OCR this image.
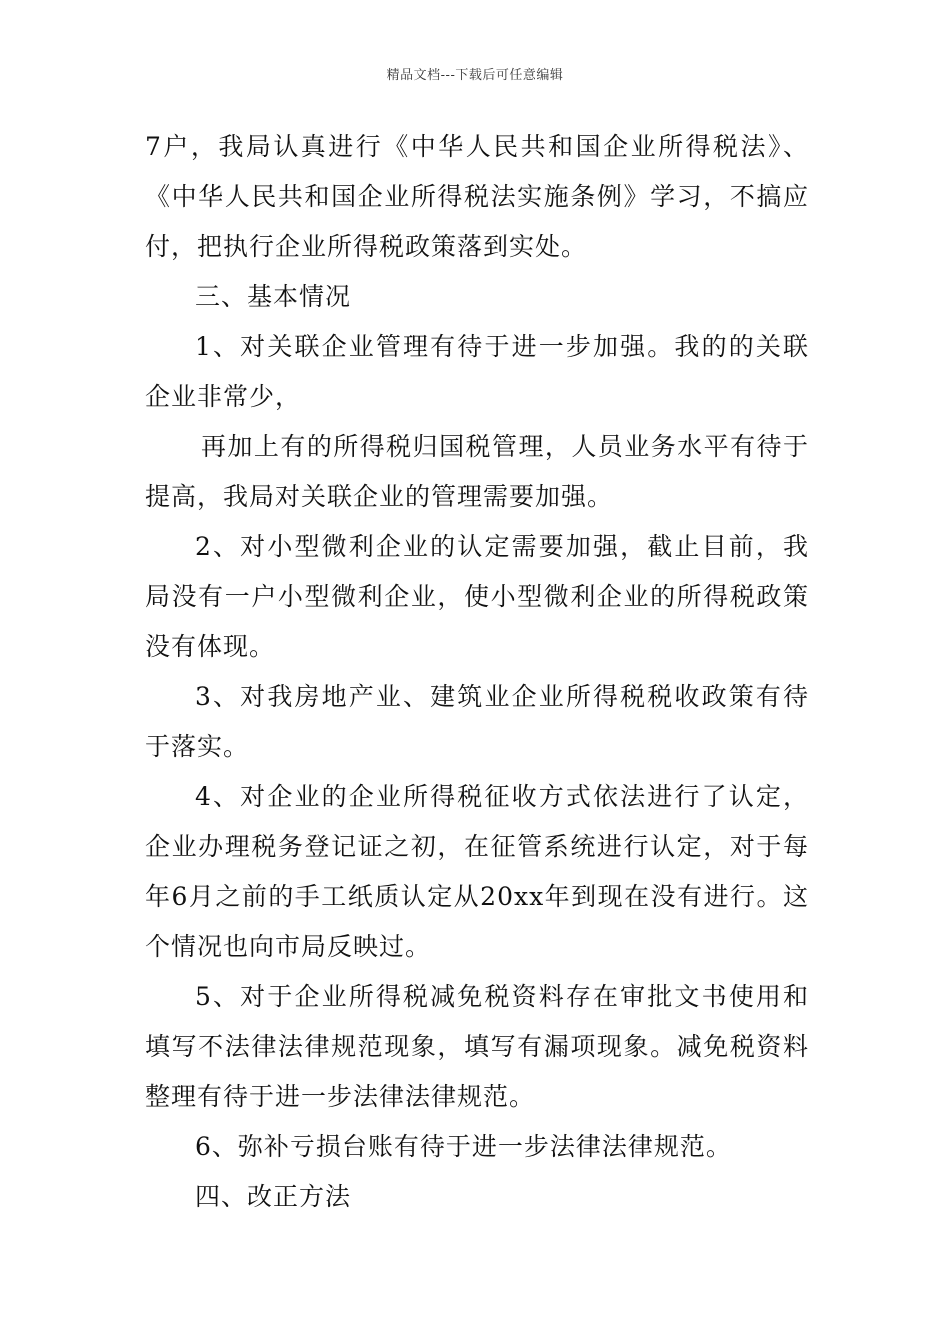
精品文档---下载后可任意编辑

7户，我局认真进行《中华人民共和国企业所得税法》、《中华人民共和国企业所得税法实施条例》学习，不搞应付，把执行企业所得税政策落到实处。

三、基本情况

1、对关联企业管理有待于进一步加强。我的的关联企业非常少，

再加上有的所得税归国税管理，人员业务水平有待于提高，我局对关联企业的管理需要加强。

2、对小型微利企业的认定需要加强，截止目前，我局没有一户小型微利企业，使小型微利企业的所得税政策没有体现。

3、对我房地产业、建筑业企业所得税税收政策有待于落实。

4、对企业的企业所得税征收方式依法进行了认定，企业办理税务登记证之初，在征管系统进行认定，对于每年6月之前的手工纸质认定从20xx年到现在没有进行。这个情况也向市局反映过。

5、对于企业所得税减免税资料存在审批文书使用和填写不法律法律规范现象，填写有漏项现象。减免税资料整理有待于进一步法律法律规范。

6、弥补亏损台账有待于进一步法律法律规范。

四、改正方法
